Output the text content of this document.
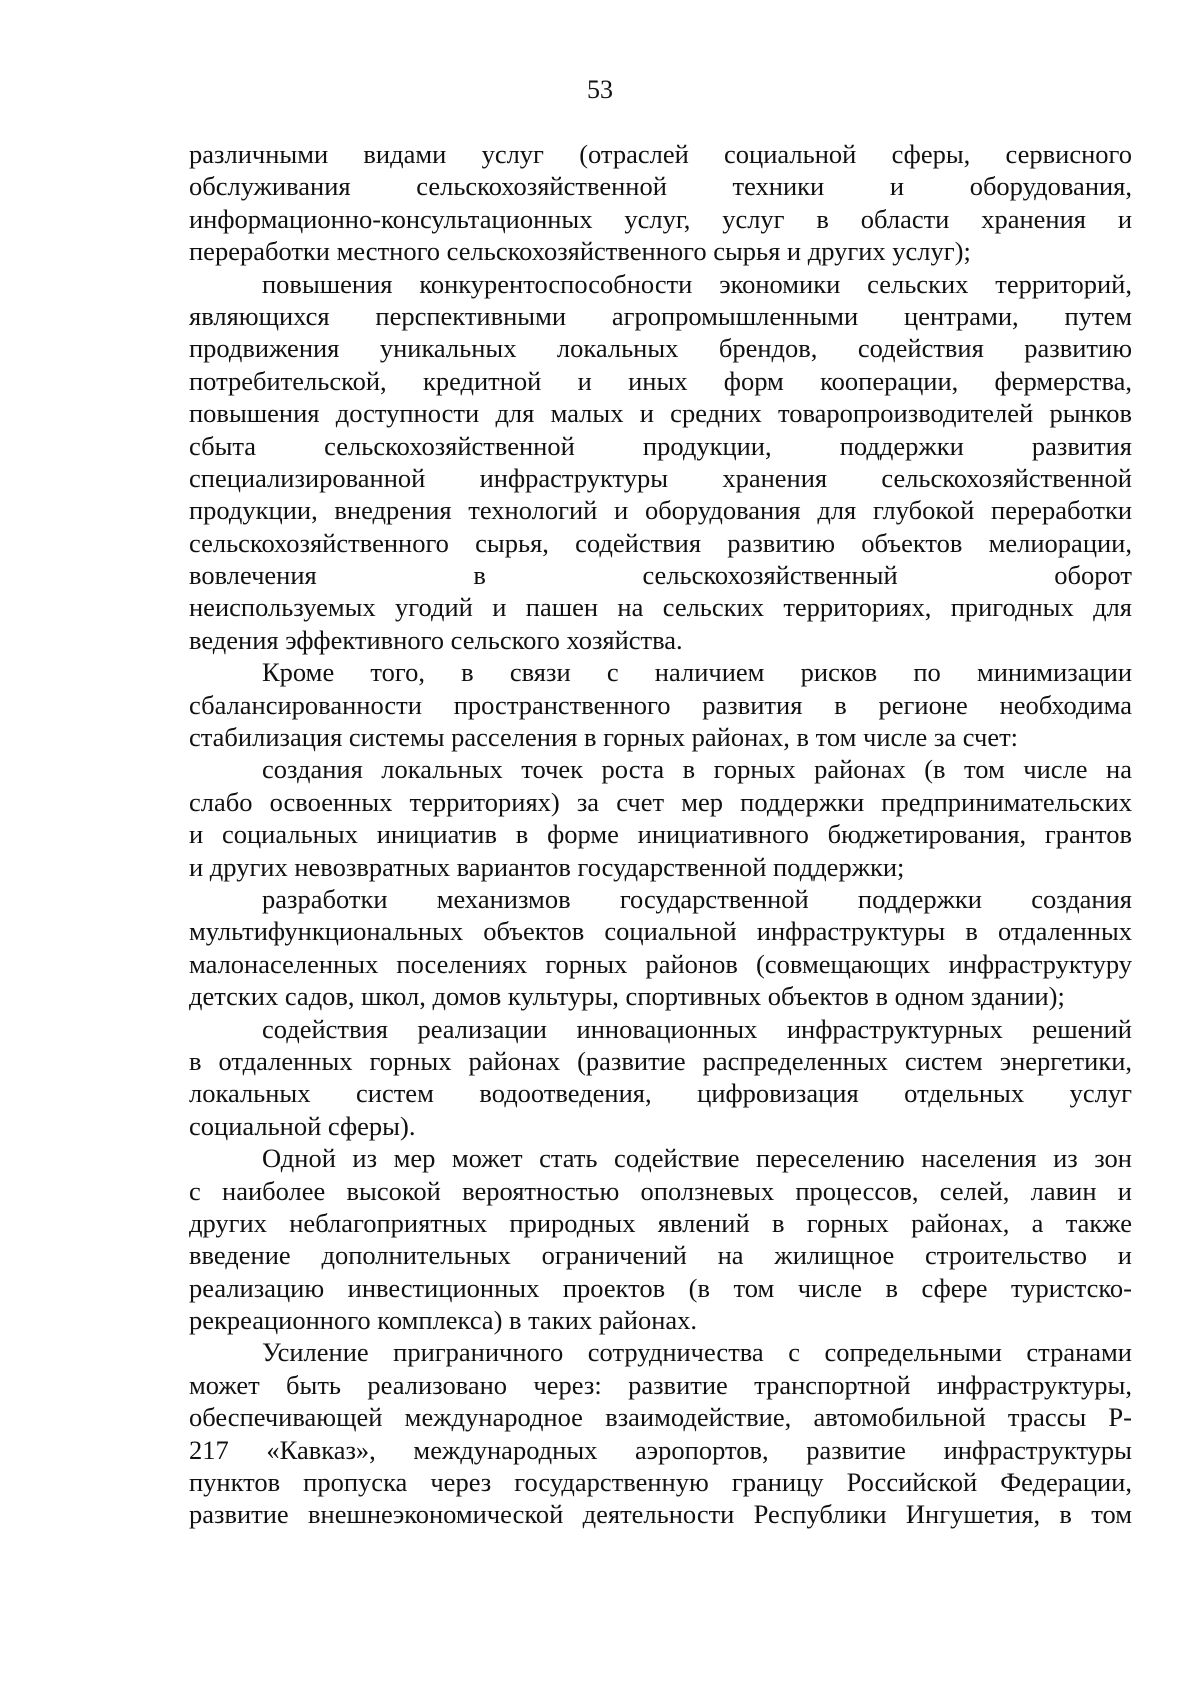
53

различными видами услуг (отраслей социальной сферы, сервисного
обслуживания сельскохозяйственной техники и оборудования,
информационно-консультационных услуг, услуг в области хранения и
переработки местного сельскохозяйственного сырья и других услуг);

повышения конкурентоспособности экономики сельских территорий,
являющихся перспективными агропромышленными центрами, путем
продвижения уникальных локальных брендов, содействия развитию
потребительской, кредитной и иных форм кооперации, фермерства,
повышения доступности для малых и средних товаропроизводителей рынков
сбыта сельскохозяйственной продукции, поддержки развития
специализированной инфраструктуры хранения сельскохозяйственной
продукции, внедрения технологий и оборудования для глубокой переработки
сельскохозяйственного сырья, содействия развитию объектов мелиорации,
вовлечения в сельскохозяйственный оборот
неиспользуемых угодий и пашен на сельских территориях, пригодных для
ведения эффективного сельского хозяйства.

Кроме того, в связи с наличием рисков по минимизации
сбалансированности пространственного развития в регионе необходима
стабилизация системы расселения в горных районах, в том числе за счет:

создания локальных точек роста в горных районах (в том числе на
слабо освоенных территориях) за счет мер поддержки предпринимательских
и социальных инициатив в форме инициативного бюджетирования, грантов
и других невозвратных вариантов государственной поддержки;

разработки механизмов государственной поддержки создания
мультифункциональных объектов социальной инфраструктуры в отдаленных
малонаселенных поселениях горных районов (совмещающих инфраструктуру
детских садов, школ, домов культуры, спортивных объектов в одном здании);

содействия реализации инновационных инфраструктурных решений
в отдаленных горных районах (развитие распределенных систем энергетики,
локальных систем водоотведения, цифровизация отдельных услуг
социальной сферы).

Одной из мер может стать содействие переселению населения из зон
с наиболее высокой вероятностью оползневых процессов, селей, лавин и
других неблагоприятных природных явлений в горных районах, а также
введение дополнительных ограничений на жилищное строительство и
реализацию инвестиционных проектов (в том числе в сфере туристско-
рекреационного комплекса) в таких районах.

Усиление приграничного сотрудничества с сопредельными странами
может быть реализовано через: развитие транспортной инфраструктуры,
обеспечивающей международное взаимодействие, автомобильной трассы Р-
217 «Кавказ», международных аэропортов, развитие инфраструктуры
пунктов пропуска через государственную границу Российской Федерации,
развитие внешнеэкономической деятельности Республики Ингушетия, в том
